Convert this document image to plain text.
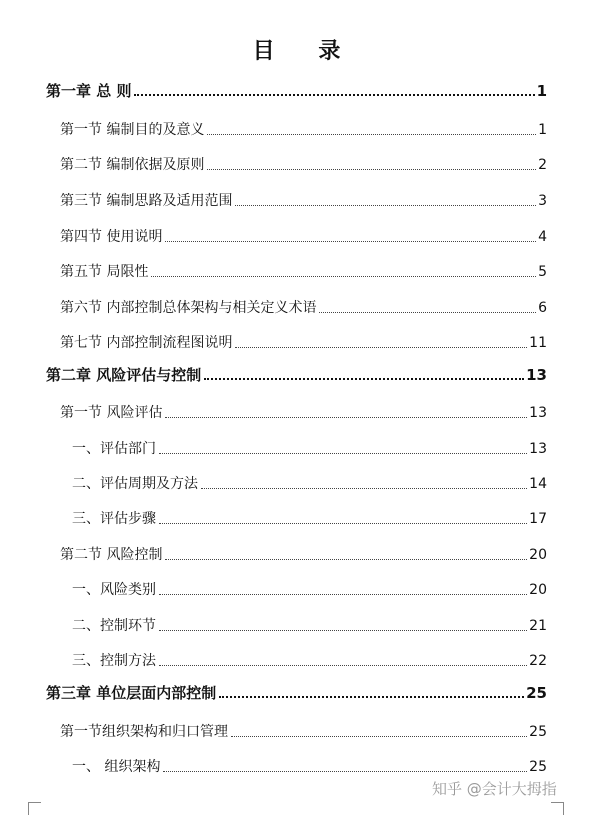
目 录
第一章 总 则	1
第一节 编制目的及意义	1
第二节 编制依据及原则	2
第三节 编制思路及适用范围	3
第四节 使用说明	4
第五节 局限性	5
第六节 内部控制总体架构与相关定义术语	6
第七节 内部控制流程图说明	11
第二章 风险评估与控制	13
第一节 风险评估	13
一、评估部门	13
二、评估周期及方法	14
三、评估步骤	17
第二节 风险控制	20
一、风险类别	20
二、控制环节	21
三、控制方法	22
第三章 单位层面内部控制	25
第一节组织架构和归口管理	25
一、 组织架构	25
知乎 @会计大拇指
